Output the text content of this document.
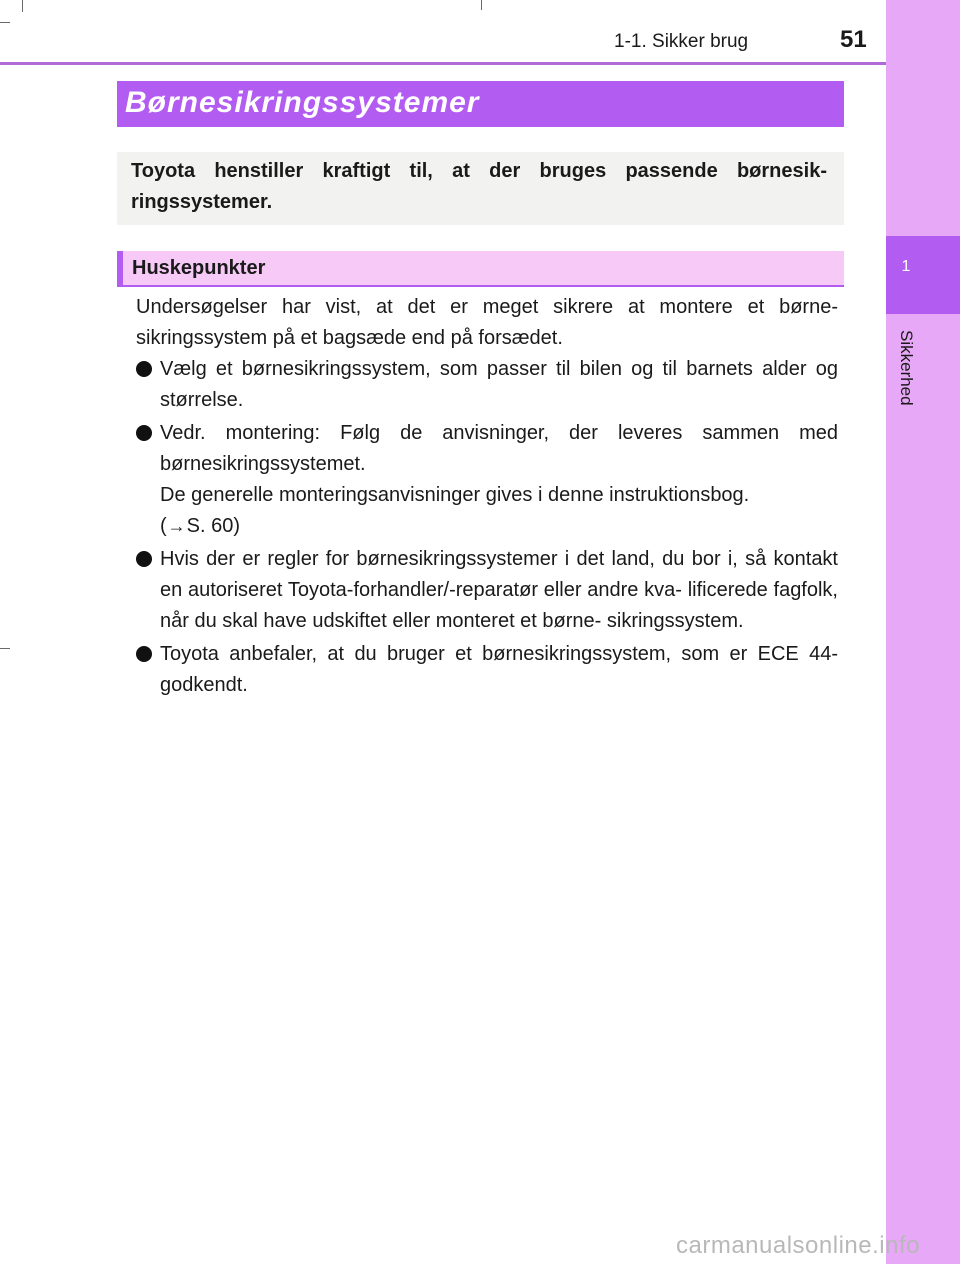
1-1. Sikker brug	51
1
Sikkerhed
Børnesikringssystemer
Toyota henstiller kraftigt til, at der bruges passende børnesik- ringssystemer.
Huskepunkter
Undersøgelser har vist, at det er meget sikrere at montere et børne- sikringssystem på et bagsæde end på forsædet.
Vælg et børnesikringssystem, som passer til bilen og til barnets alder og størrelse.
Vedr. montering: Følg de anvisninger, der leveres sammen med børnesikringssystemet.
De generelle monteringsanvisninger gives i denne instruktionsbog.
(→S. 60)
Hvis der er regler for børnesikringssystemer i det land, du bor i, så kontakt en autoriseret Toyota-forhandler/-reparatør eller andre kva- lificerede fagfolk, når du skal have udskiftet eller monteret et børne- sikringssystem.
Toyota anbefaler, at du bruger et børnesikringssystem, som er ECE 44-godkendt.
carmanualsonline.info
